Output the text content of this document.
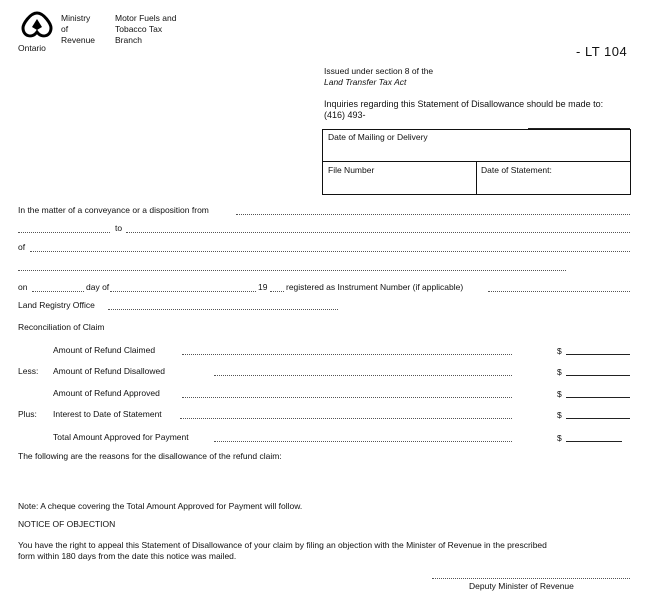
Ontario
Ministry
of
Revenue
Motor Fuels and
Tobacco Tax
Branch
- LT 104
Issued under section 8 of the
Land Transfer Tax Act
Inquiries regarding this Statement of Disallowance should be made to:
(416) 493-
Date of Mailing or Delivery
File Number	Date of Statement:
In the matter of a conveyance or a disposition from
to
of
on	day of	19 registered as Instrument Number (if applicable)
Land Registry Office
Reconciliation of Claim
Amount of Refund Claimed	$
Less: Amount of Refund Disallowed	$
Amount of Refund Approved	$
Plus: Interest to Date of Statement	$
Total Amount Approved for Payment	$
The following are the reasons for the disallowance of the refund claim:
Note: A cheque covering the Total Amount Approved for Payment will follow.
NOTICE OF OBJECTION
You have the right to appeal this Statement of Disallowance of your claim by filing an objection with the Minister of Revenue in the prescribed
form within 180 days from the date this notice was mailed.
Deputy Minister of Revenue
